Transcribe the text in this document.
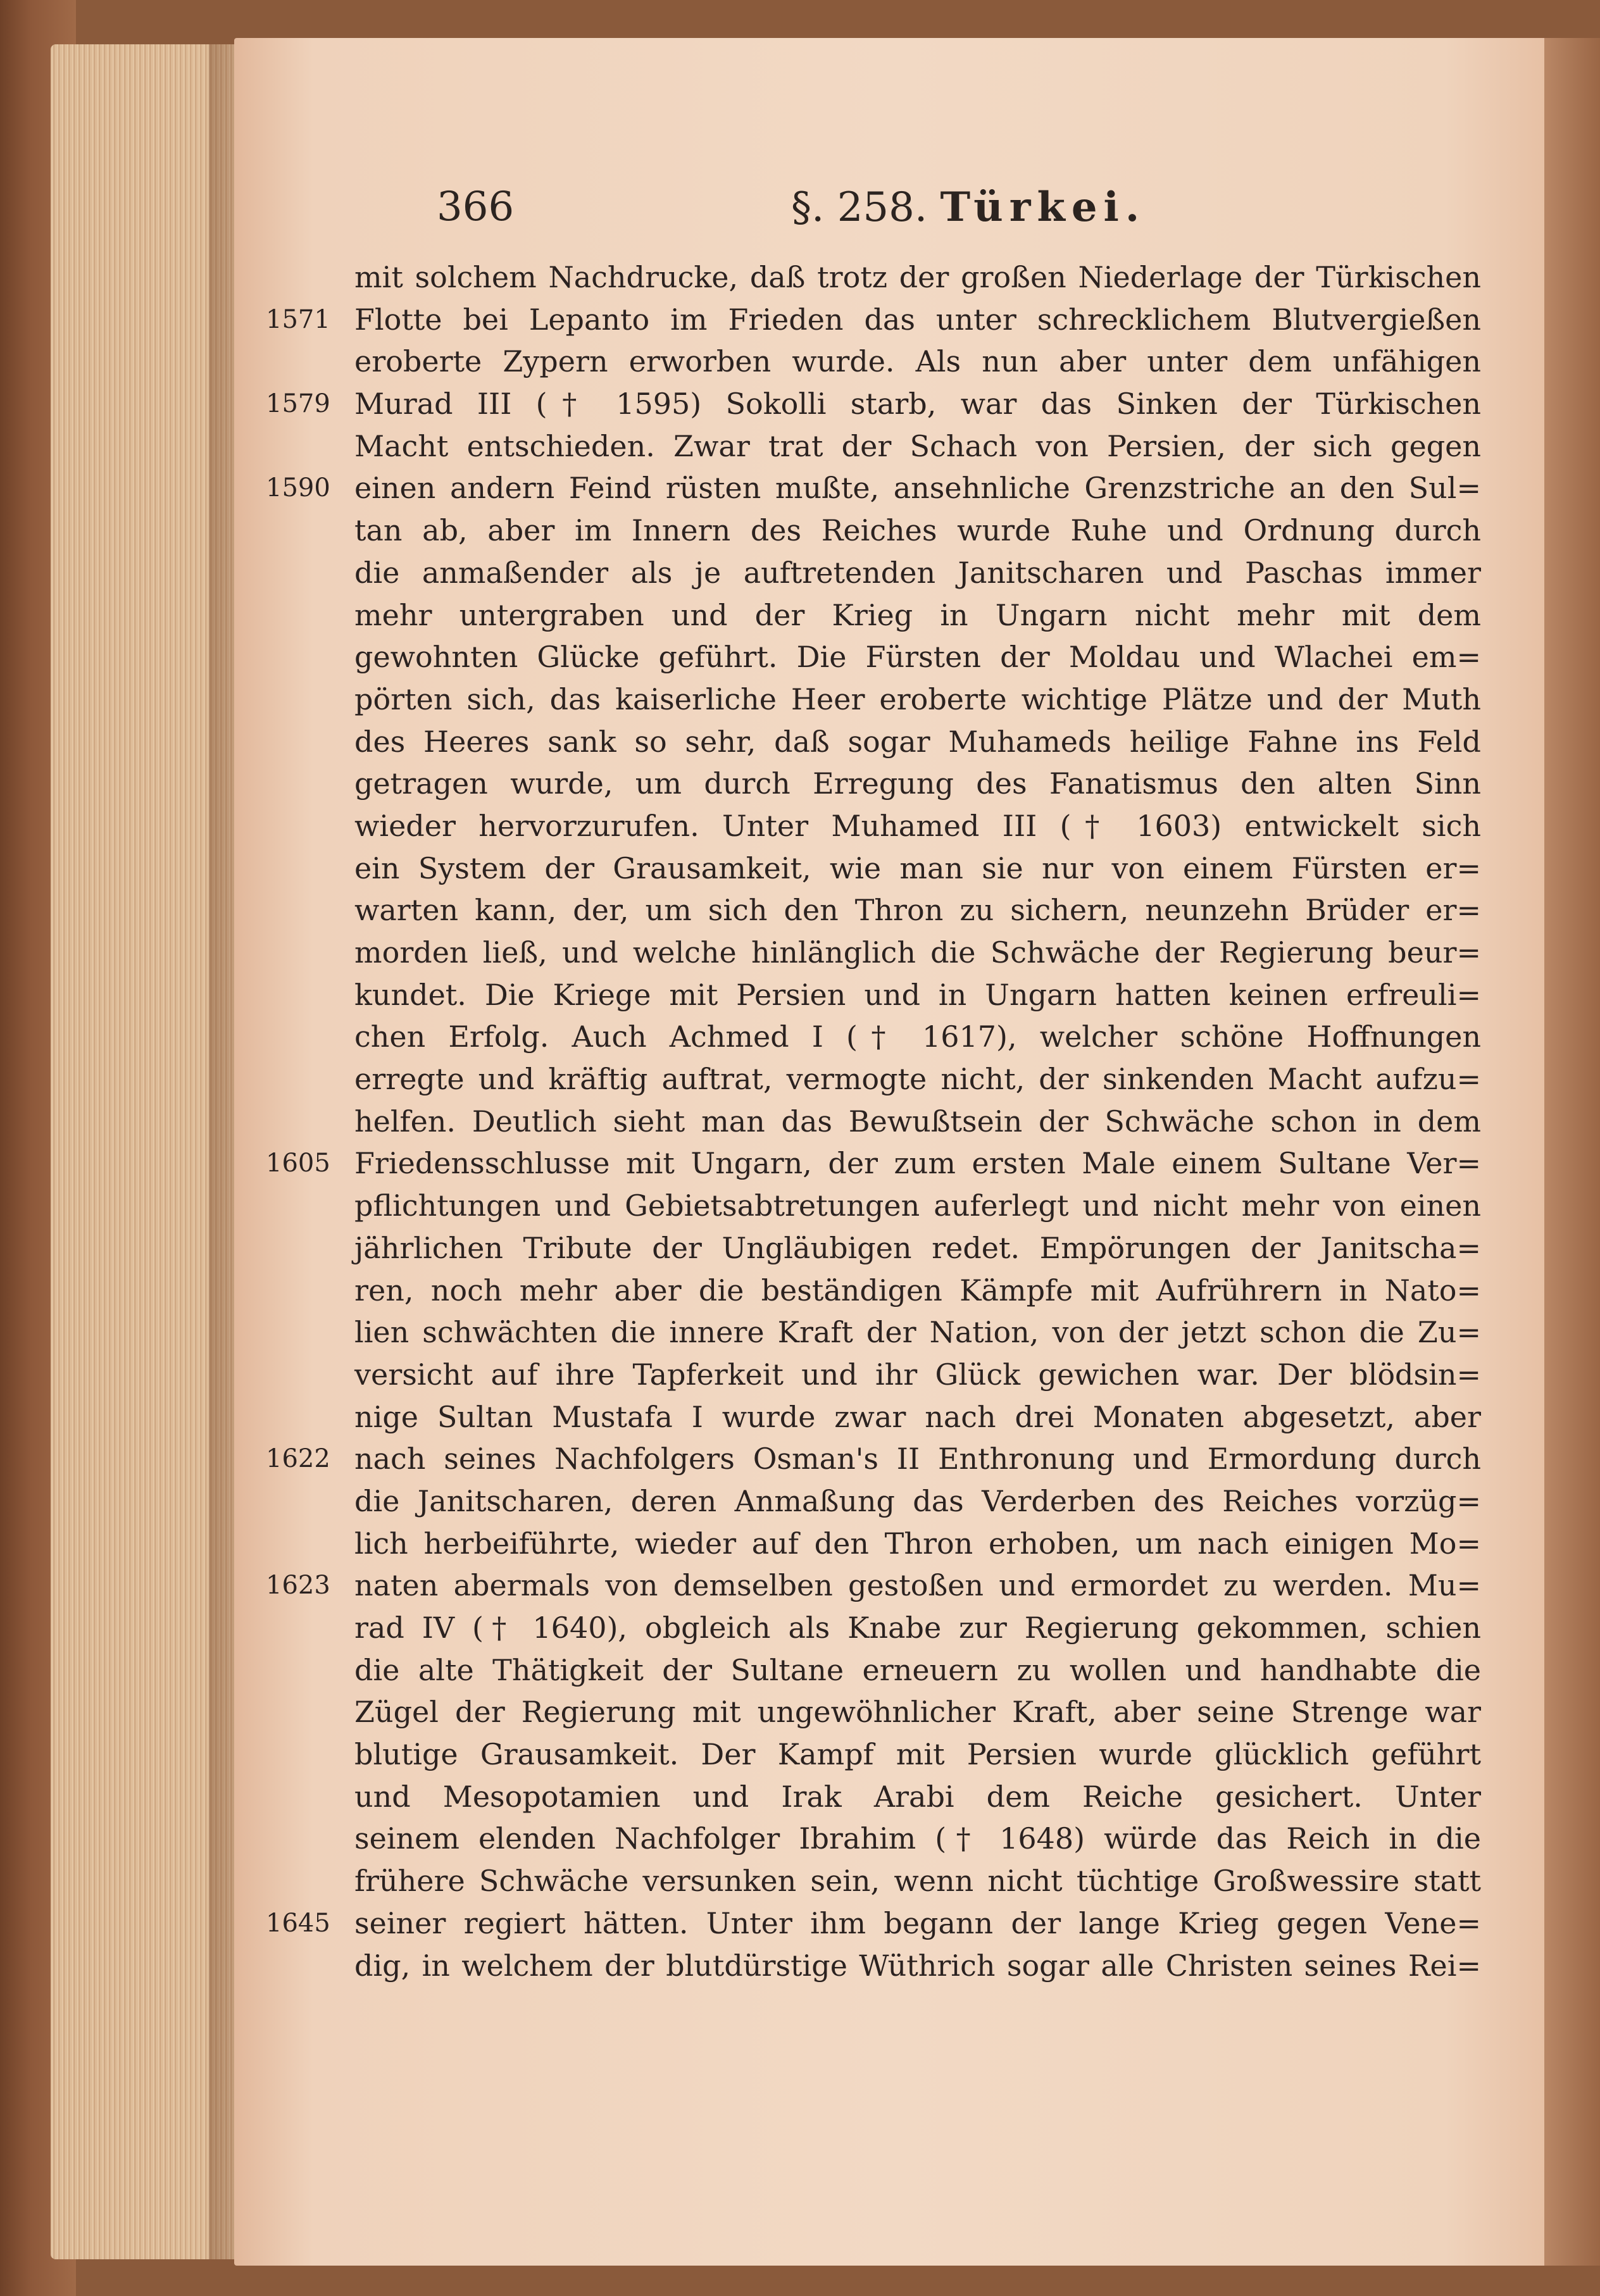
366	§. 258. Türkei.
mit solchem Nachdrucke, daß trotz der großen Niederlage der Türkischen
1571 Flotte bei Lepanto im Frieden das unter schrecklichem Blutvergießen
eroberte Zypern erworben wurde. Als nun aber unter dem unfähigen
1579 Murad III († 1595) Sokolli starb, war das Sinken der Türkischen
Macht entschieden. Zwar trat der Schach von Persien, der sich gegen
1590 einen andern Feind rüsten mußte, ansehnliche Grenzstriche an den Sul=
tan ab, aber im Innern des Reiches wurde Ruhe und Ordnung durch
die anmaßender als je auftretenden Janitscharen und Paschas immer
mehr untergraben und der Krieg in Ungarn nicht mehr mit dem
gewohnten Glücke geführt. Die Fürsten der Moldau und Wlachei em=
pörten sich, das kaiserliche Heer eroberte wichtige Plätze und der Muth
des Heeres sank so sehr, daß sogar Muhameds heilige Fahne ins Feld
getragen wurde, um durch Erregung des Fanatismus den alten Sinn
wieder hervorzurufen. Unter Muhamed III († 1603) entwickelt sich
ein System der Grausamkeit, wie man sie nur von einem Fürsten er=
warten kann, der, um sich den Thron zu sichern, neunzehn Brüder er=
morden ließ, und welche hinlänglich die Schwäche der Regierung beur=
kundet. Die Kriege mit Persien und in Ungarn hatten keinen erfreuli=
chen Erfolg. Auch Achmed I († 1617), welcher schöne Hoffnungen
erregte und kräftig auftrat, vermogte nicht, der sinkenden Macht aufzu=
helfen. Deutlich sieht man das Bewußtsein der Schwäche schon in dem
1605 Friedensschlusse mit Ungarn, der zum ersten Male einem Sultane Ver=
pflichtungen und Gebietsabtretungen auferlegt und nicht mehr von einen
jährlichen Tribute der Ungläubigen redet. Empörungen der Janitscha=
ren, noch mehr aber die beständigen Kämpfe mit Aufrührern in Nato=
lien schwächten die innere Kraft der Nation, von der jetzt schon die Zu=
versicht auf ihre Tapferkeit und ihr Glück gewichen war. Der blödsin=
nige Sultan Mustafa I wurde zwar nach drei Monaten abgesetzt, aber
1622 nach seines Nachfolgers Osman's II Enthronung und Ermordung durch
die Janitscharen, deren Anmaßung das Verderben des Reiches vorzüg=
lich herbeiführte, wieder auf den Thron erhoben, um nach einigen Mo=
1623 naten abermals von demselben gestoßen und ermordet zu werden. Mu=
rad IV († 1640), obgleich als Knabe zur Regierung gekommen, schien
die alte Thätigkeit der Sultane erneuern zu wollen und handhabte die
Zügel der Regierung mit ungewöhnlicher Kraft, aber seine Strenge war
blutige Grausamkeit. Der Kampf mit Persien wurde glücklich geführt
und Mesopotamien und Irak Arabi dem Reiche gesichert. Unter
seinem elenden Nachfolger Ibrahim († 1648) würde das Reich in die
frühere Schwäche versunken sein, wenn nicht tüchtige Großwessire statt
1645 seiner regiert hätten. Unter ihm begann der lange Krieg gegen Vene=
dig, in welchem der blutdürstige Wüthrich sogar alle Christen seines Rei=
